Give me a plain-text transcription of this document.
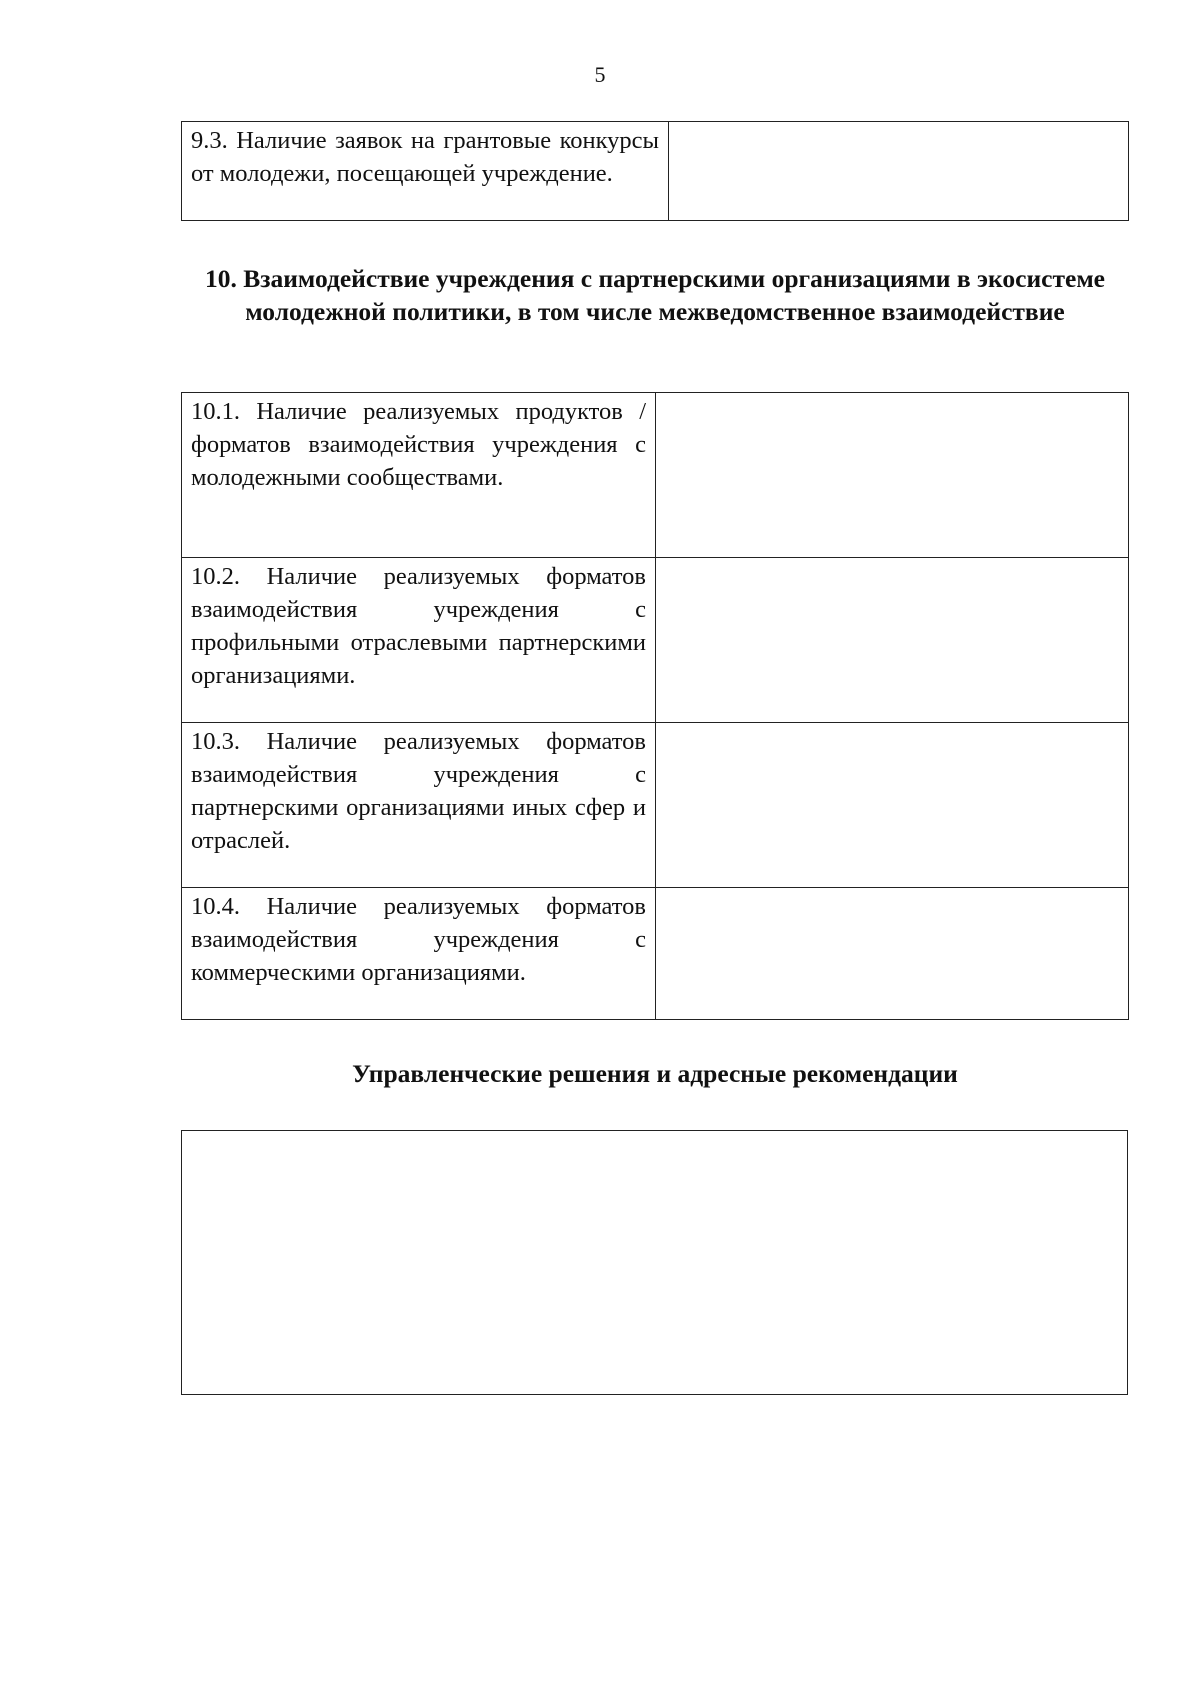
5
9.3. Наличие заявок на грантовые конкурсы от молодежи, посещающей учреждение.	
10. Взаимодействие учреждения с партнерскими организациями в экосистеме молодежной политики, в том числе межведомственное взаимодействие
10.1. Наличие реализуемых продуктов / форматов взаимодействия учреждения с молодежными сообществами.	
10.2. Наличие реализуемых форматов взаимодействия учреждения с профильными отраслевыми партнерскими организациями.	
10.3. Наличие реализуемых форматов взаимодействия учреждения с партнерскими организациями иных сфер и отраслей.	
10.4. Наличие реализуемых форматов взаимодействия учреждения с коммерческими организациями.	
Управленческие решения и адресные рекомендации
